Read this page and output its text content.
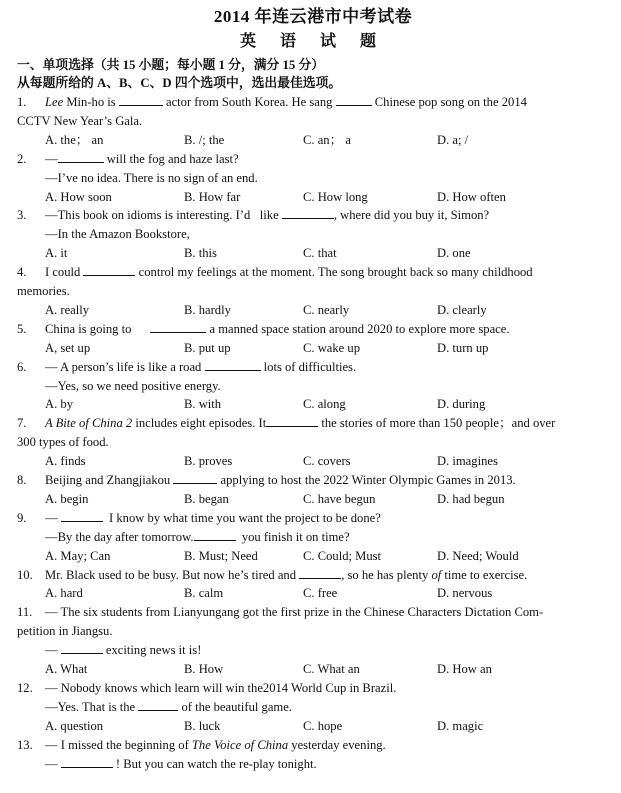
2014 年连云港市中考试卷
英 语 试 题
一、单项选择（共 15 小题；每小题 1 分，满分 15 分）
从每题所给的 A、B、C、D 四个选项中，选出最佳选项。
1.	Lee Min-ho is	actor from South Korea. He sang	Chinese pop song on the 2014
CCTV New Year’s Gala.
A. the； an	B. /; the	C. an； a	D. a; /
2.	—	will the fog and haze last?
—I’ve no idea. There is no sign of an end.
A. How soon	B. How far	C. How long	D. How often
3.	—This book on idioms is interesting. I’d   like	, where did you buy it, Simon?
—In the Amazon Bookstore,
A. it	B. this	C. that	D. one
4.	I could	control my feelings at the moment. The song brought back so many childhood
memories.
A. really	B. hardly	C. nearly	D. clearly
5.	China is going to	a manned space station around 2020 to explore more space.
A, set up	B. put up	C. wake up	D. turn up
6.	— A person’s life is like a road	lots of difficulties.
—Yes, so we need positive energy.
A. by	B. with	C. along	D. during
7.	A Bite of China 2 includes eight episodes. It	the stories of more than 150 people；and over
300 types of food.
A. finds	B. proves	C. covers	D. imagines
8.	Beijing and Zhangjiakou	applying to host the 2022 Winter Olympic Games in 2013.
A. begin	B. began	C. have begun	D. had begun
9.	—	I know by what time you want the project to be done?
—By the day after tomorrow.	you finish it on time?
A. May; Can	B. Must; Need	C. Could; Must	D. Need; Would
10. Mr. Black used to be busy. But now he’s tired and	, so he has plenty of time to exercise.
A. hard	B. calm	C. free	D. nervous
11.	— The six students from Lianyungang got the first prize in the Chinese Characters Dictation Com-
petition in Jiangsu.
—	exciting news it is!
A. What	B. How	C. What an	D. How an
12. — Nobody knows which learn will win the2014 World Cup in Brazil.
—Yes. That is the	of the beautiful game.
A. question	B. luck	C. hope	D. magic
13. — I missed the beginning of The Voice of China yesterday evening.
—	! But you can watch the re-play tonight.
